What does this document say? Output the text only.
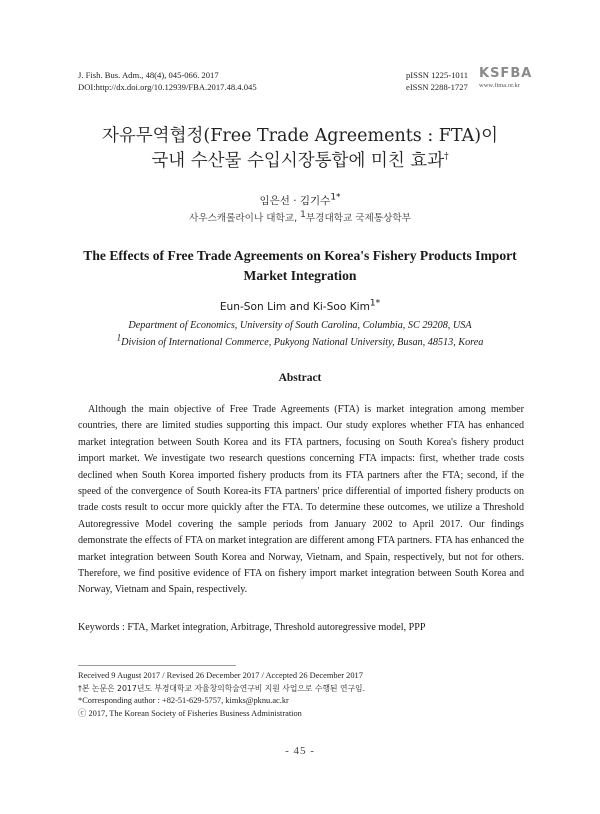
J. Fish. Bus. Adm., 48(4), 045-066. 2017
DOI:http://dx.doi.org/10.12939/FBA.2017.48.4.045
pISSN 1225-1011
eISSN 2288-1727
KSFBA
www.fima.or.kr
자유무역협정(Free Trade Agreements : FTA)이
국내 수산물 수입시장통합에 미친 효과†
임은선 · 김기수1*
사우스캐롤라이나 대학교, 1부경대학교 국제통상학부
The Effects of Free Trade Agreements on Korea's Fishery Products Import Market Integration
Eun-Son Lim and Ki-Soo Kim$^{1*}$
Department of Economics, University of South Carolina, Columbia, SC 29208, USA
1Division of International Commerce, Pukyong National University, Busan, 48513, Korea
Abstract

Although the main objective of Free Trade Agreements (FTA) is market integration among member countries, there are limited studies supporting this impact. Our study explores whether FTA has enhanced market integration between South Korea and its FTA partners, focusing on South Korea's fishery product import market. We investigate two research questions concerning FTA impacts: first, whether trade costs declined when South Korea imported fishery products from its FTA partners after the FTA; second, if the speed of the convergence of South Korea-its FTA partners' price differential of imported fishery products on trade costs result to occur more quickly after the FTA. To determine these outcomes, we utilize a Threshold Autoregressive Model covering the sample periods from January 2002 to April 2017. Our findings demonstrate the effects of FTA on market integration are different among FTA partners. FTA has enhanced the market integration between South Korea and Norway, Vietnam, and Spain, respectively, but not for others. Therefore, we find positive evidence of FTA on fishery import market integration between South Korea and Norway, Vietnam and Spain, respectively.

Keywords : FTA, Market integration, Arbitrage, Threshold autoregressive model, PPP
Received 9 August 2017 / Revised 26 December 2017 / Accepted 26 December 2017
†본 논문은 2017년도 부경대학교 자율창의학술연구비 지원 사업으로 수행된 연구임.
*Corresponding author : +82-51-629-5757, kimks@pknu.ac.kr
ⓒ 2017, The Korean Society of Fisheries Business Administration
- 45 -
